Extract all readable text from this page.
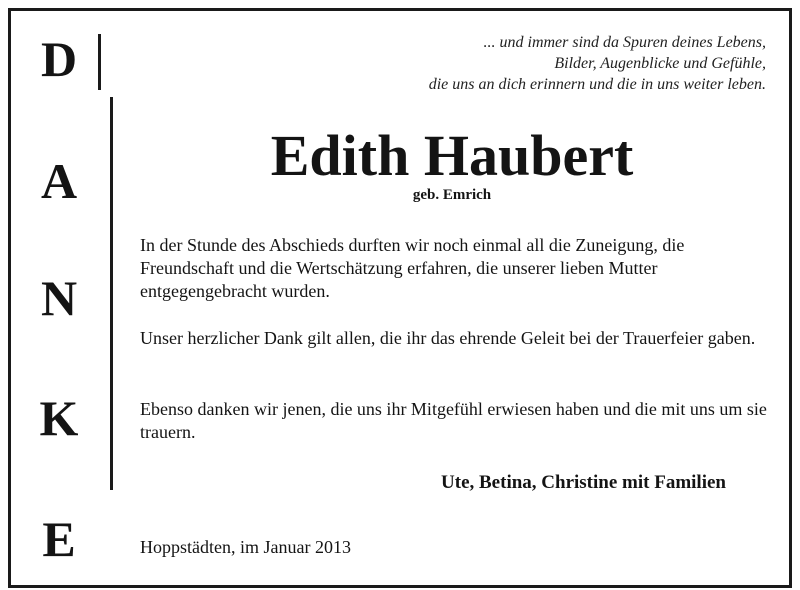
D
A
N
K
E
... und immer sind da Spuren deines Lebens,
Bilder, Augenblicke und Gefühle,
die uns an dich erinnern und die in uns weiter leben.
Edith Haubert
geb. Emrich
In der Stunde des Abschieds durften wir noch einmal all die Zuneigung, die Freundschaft und die Wertschätzung erfahren, die unserer lieben Mutter entgegengebracht wurden.
Unser herzlicher Dank gilt allen, die ihr das ehrende Geleit bei der Trauerfeier gaben.
Ebenso danken wir jenen, die uns ihr Mitgefühl erwiesen haben und die mit uns um sie trauern.
Ute, Betina, Christine mit Familien
Hoppstädten, im Januar 2013
